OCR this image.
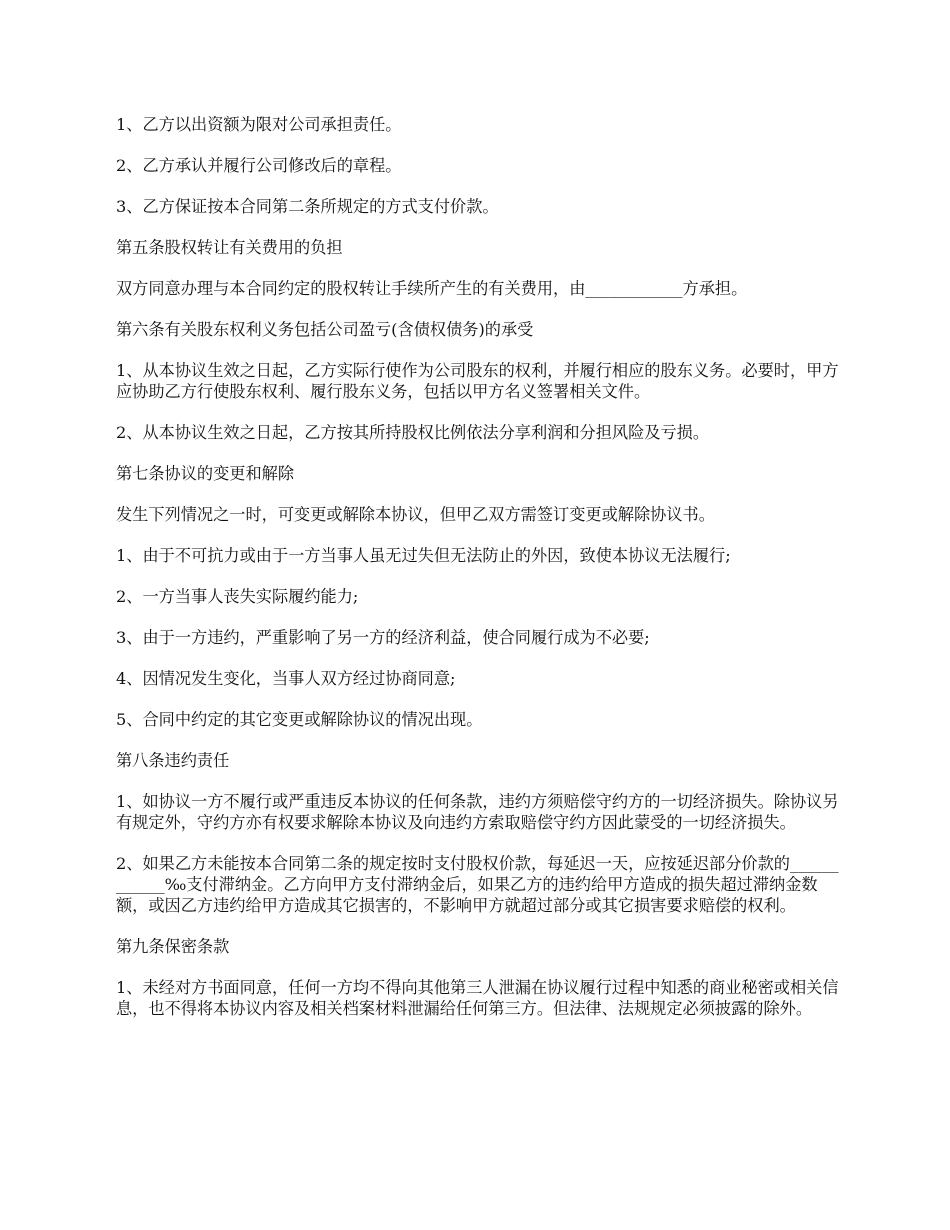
1、乙方以出资额为限对公司承担责任。

2、乙方承认并履行公司修改后的章程。

3、乙方保证按本合同第二条所规定的方式支付价款。

第五条股权转让有关费用的负担

双方同意办理与本合同约定的股权转让手续所产生的有关费用，由____________方承担。

第六条有关股东权利义务包括公司盈亏(含债权债务)的承受

1、从本协议生效之日起，乙方实际行使作为公司股东的权利，并履行相应的股东义务。必要时，甲方应协助乙方行使股东权利、履行股东义务，包括以甲方名义签署相关文件。

2、从本协议生效之日起，乙方按其所持股权比例依法分享利润和分担风险及亏损。

第七条协议的变更和解除

发生下列情况之一时，可变更或解除本协议，但甲乙双方需签订变更或解除协议书。

1、由于不可抗力或由于一方当事人虽无过失但无法防止的外因，致使本协议无法履行;

2、一方当事人丧失实际履约能力;

3、由于一方违约，严重影响了另一方的经济利益，使合同履行成为不必要;

4、因情况发生变化，当事人双方经过协商同意;

5、合同中约定的其它变更或解除协议的情况出现。

第八条违约责任

1、如协议一方不履行或严重违反本协议的任何条款，违约方须赔偿守约方的一切经济损失。除协议另有规定外，守约方亦有权要求解除本协议及向违约方索取赔偿守约方因此蒙受的一切经济损失。

2、如果乙方未能按本合同第二条的规定按时支付股权价款，每延迟一天，应按延迟部分价款的____________‰支付滞纳金。乙方向甲方支付滞纳金后，如果乙方的违约给甲方造成的损失超过滞纳金数额，或因乙方违约给甲方造成其它损害的，不影响甲方就超过部分或其它损害要求赔偿的权利。

第九条保密条款

1、未经对方书面同意，任何一方均不得向其他第三人泄漏在协议履行过程中知悉的商业秘密或相关信息，也不得将本协议内容及相关档案材料泄漏给任何第三方。但法律、法规规定必须披露的除外。
